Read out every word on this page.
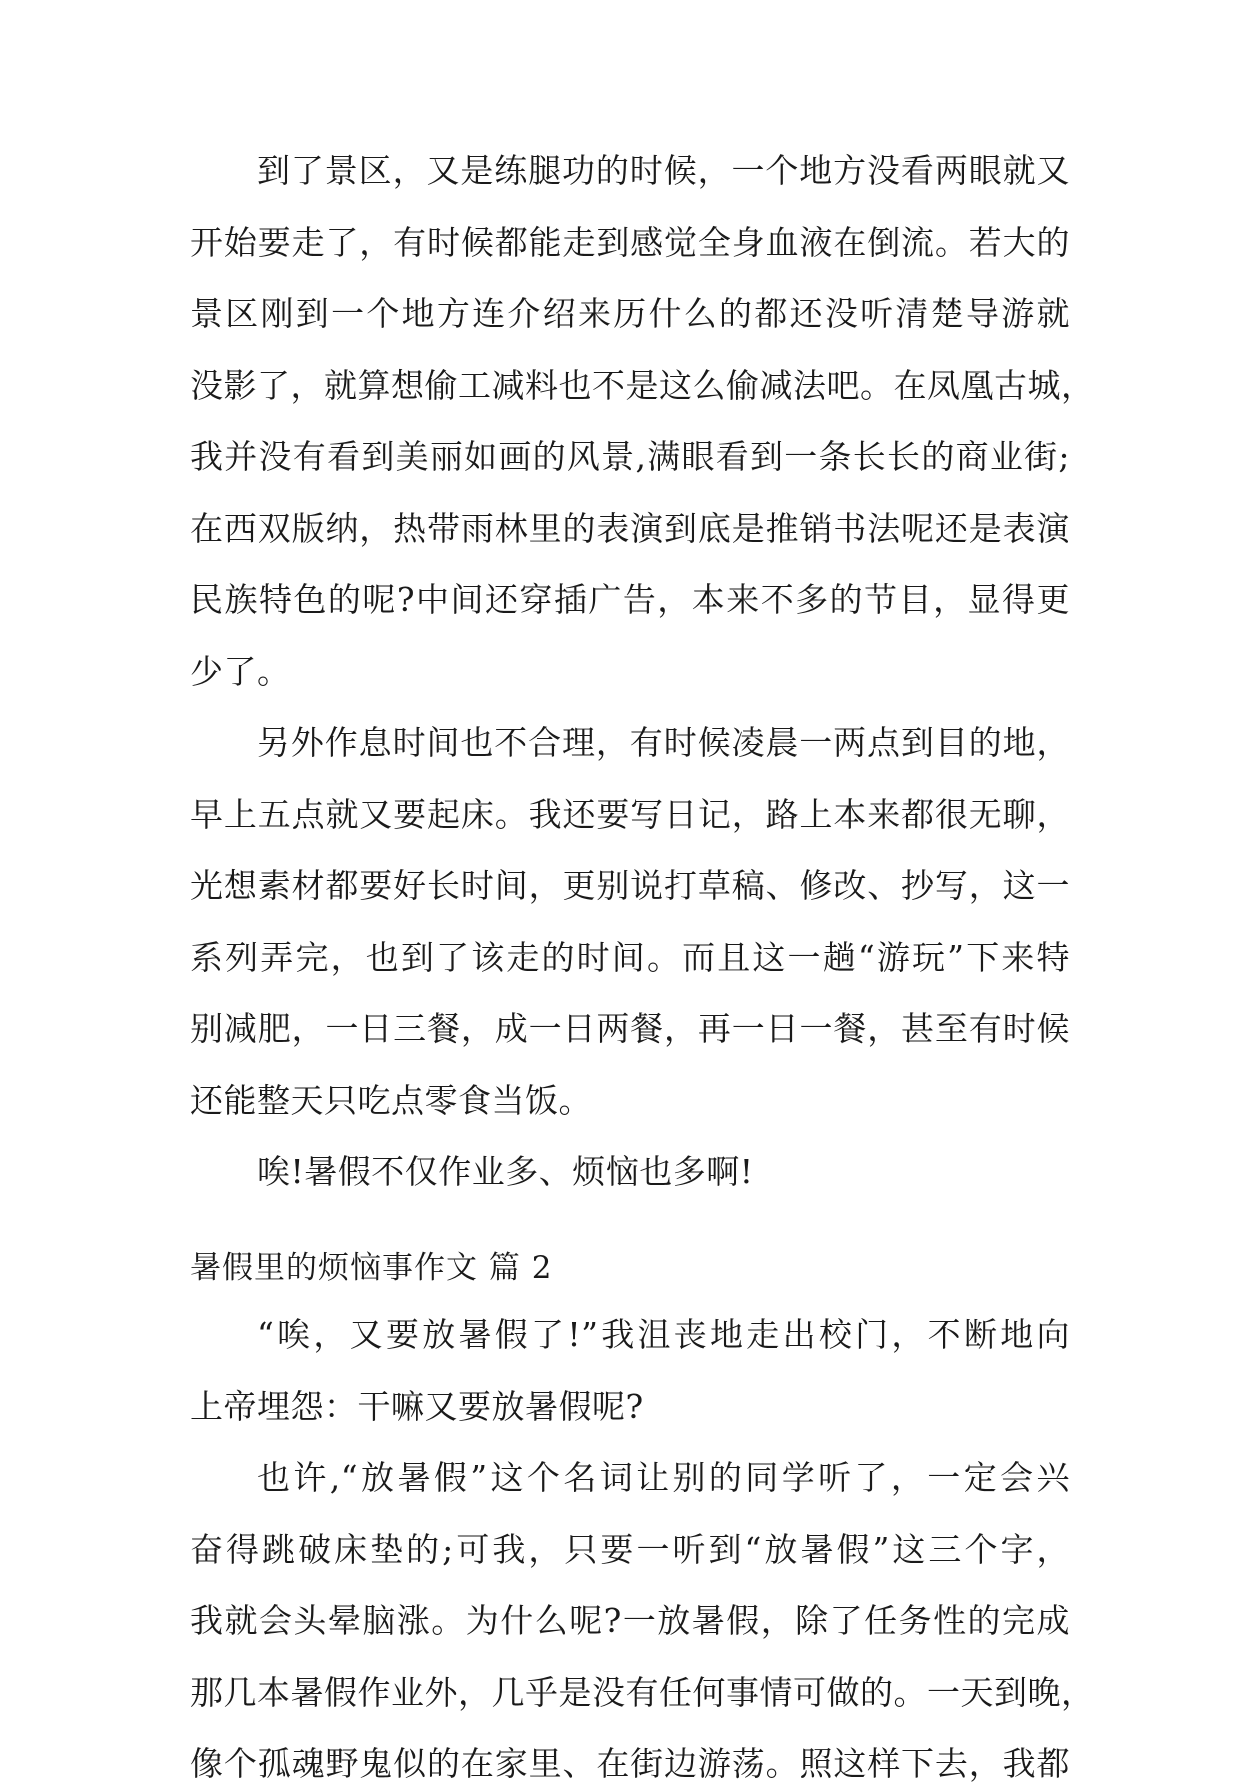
到了景区，又是练腿功的时候，一个地方没看两眼就又
开始要走了，有时候都能走到感觉全身血液在倒流。若大的
景区刚到一个地方连介绍来历什么的都还没听清楚导游就
没影了，就算想偷工减料也不是这么偷减法吧。在凤凰古城，
我并没有看到美丽如画的风景,满眼看到一条长长的商业街;
在西双版纳，热带雨林里的表演到底是推销书法呢还是表演
民族特色的呢?中间还穿插广告，本来不多的节目，显得更
少了。
另外作息时间也不合理，有时候凌晨一两点到目的地，
早上五点就又要起床。我还要写日记，路上本来都很无聊，
光想素材都要好长时间，更别说打草稿、修改、抄写，这一
系列弄完，也到了该走的时间。而且这一趟“游玩”下来特
别减肥，一日三餐，成一日两餐，再一日一餐，甚至有时候
还能整天只吃点零食当饭。
唉!暑假不仅作业多、烦恼也多啊!
暑假里的烦恼事作文 篇 2
“唉，又要放暑假了!”我沮丧地走出校门，不断地向
上帝埋怨：干嘛又要放暑假呢?
也许,“放暑假”这个名词让别的同学听了，一定会兴
奋得跳破床垫的;可我，只要一听到“放暑假”这三个字，
我就会头晕脑涨。为什么呢?一放暑假，除了任务性的完成
那几本暑假作业外，几乎是没有任何事情可做的。一天到晚，
像个孤魂野鬼似的在家里、在街边游荡。照这样下去，我都
